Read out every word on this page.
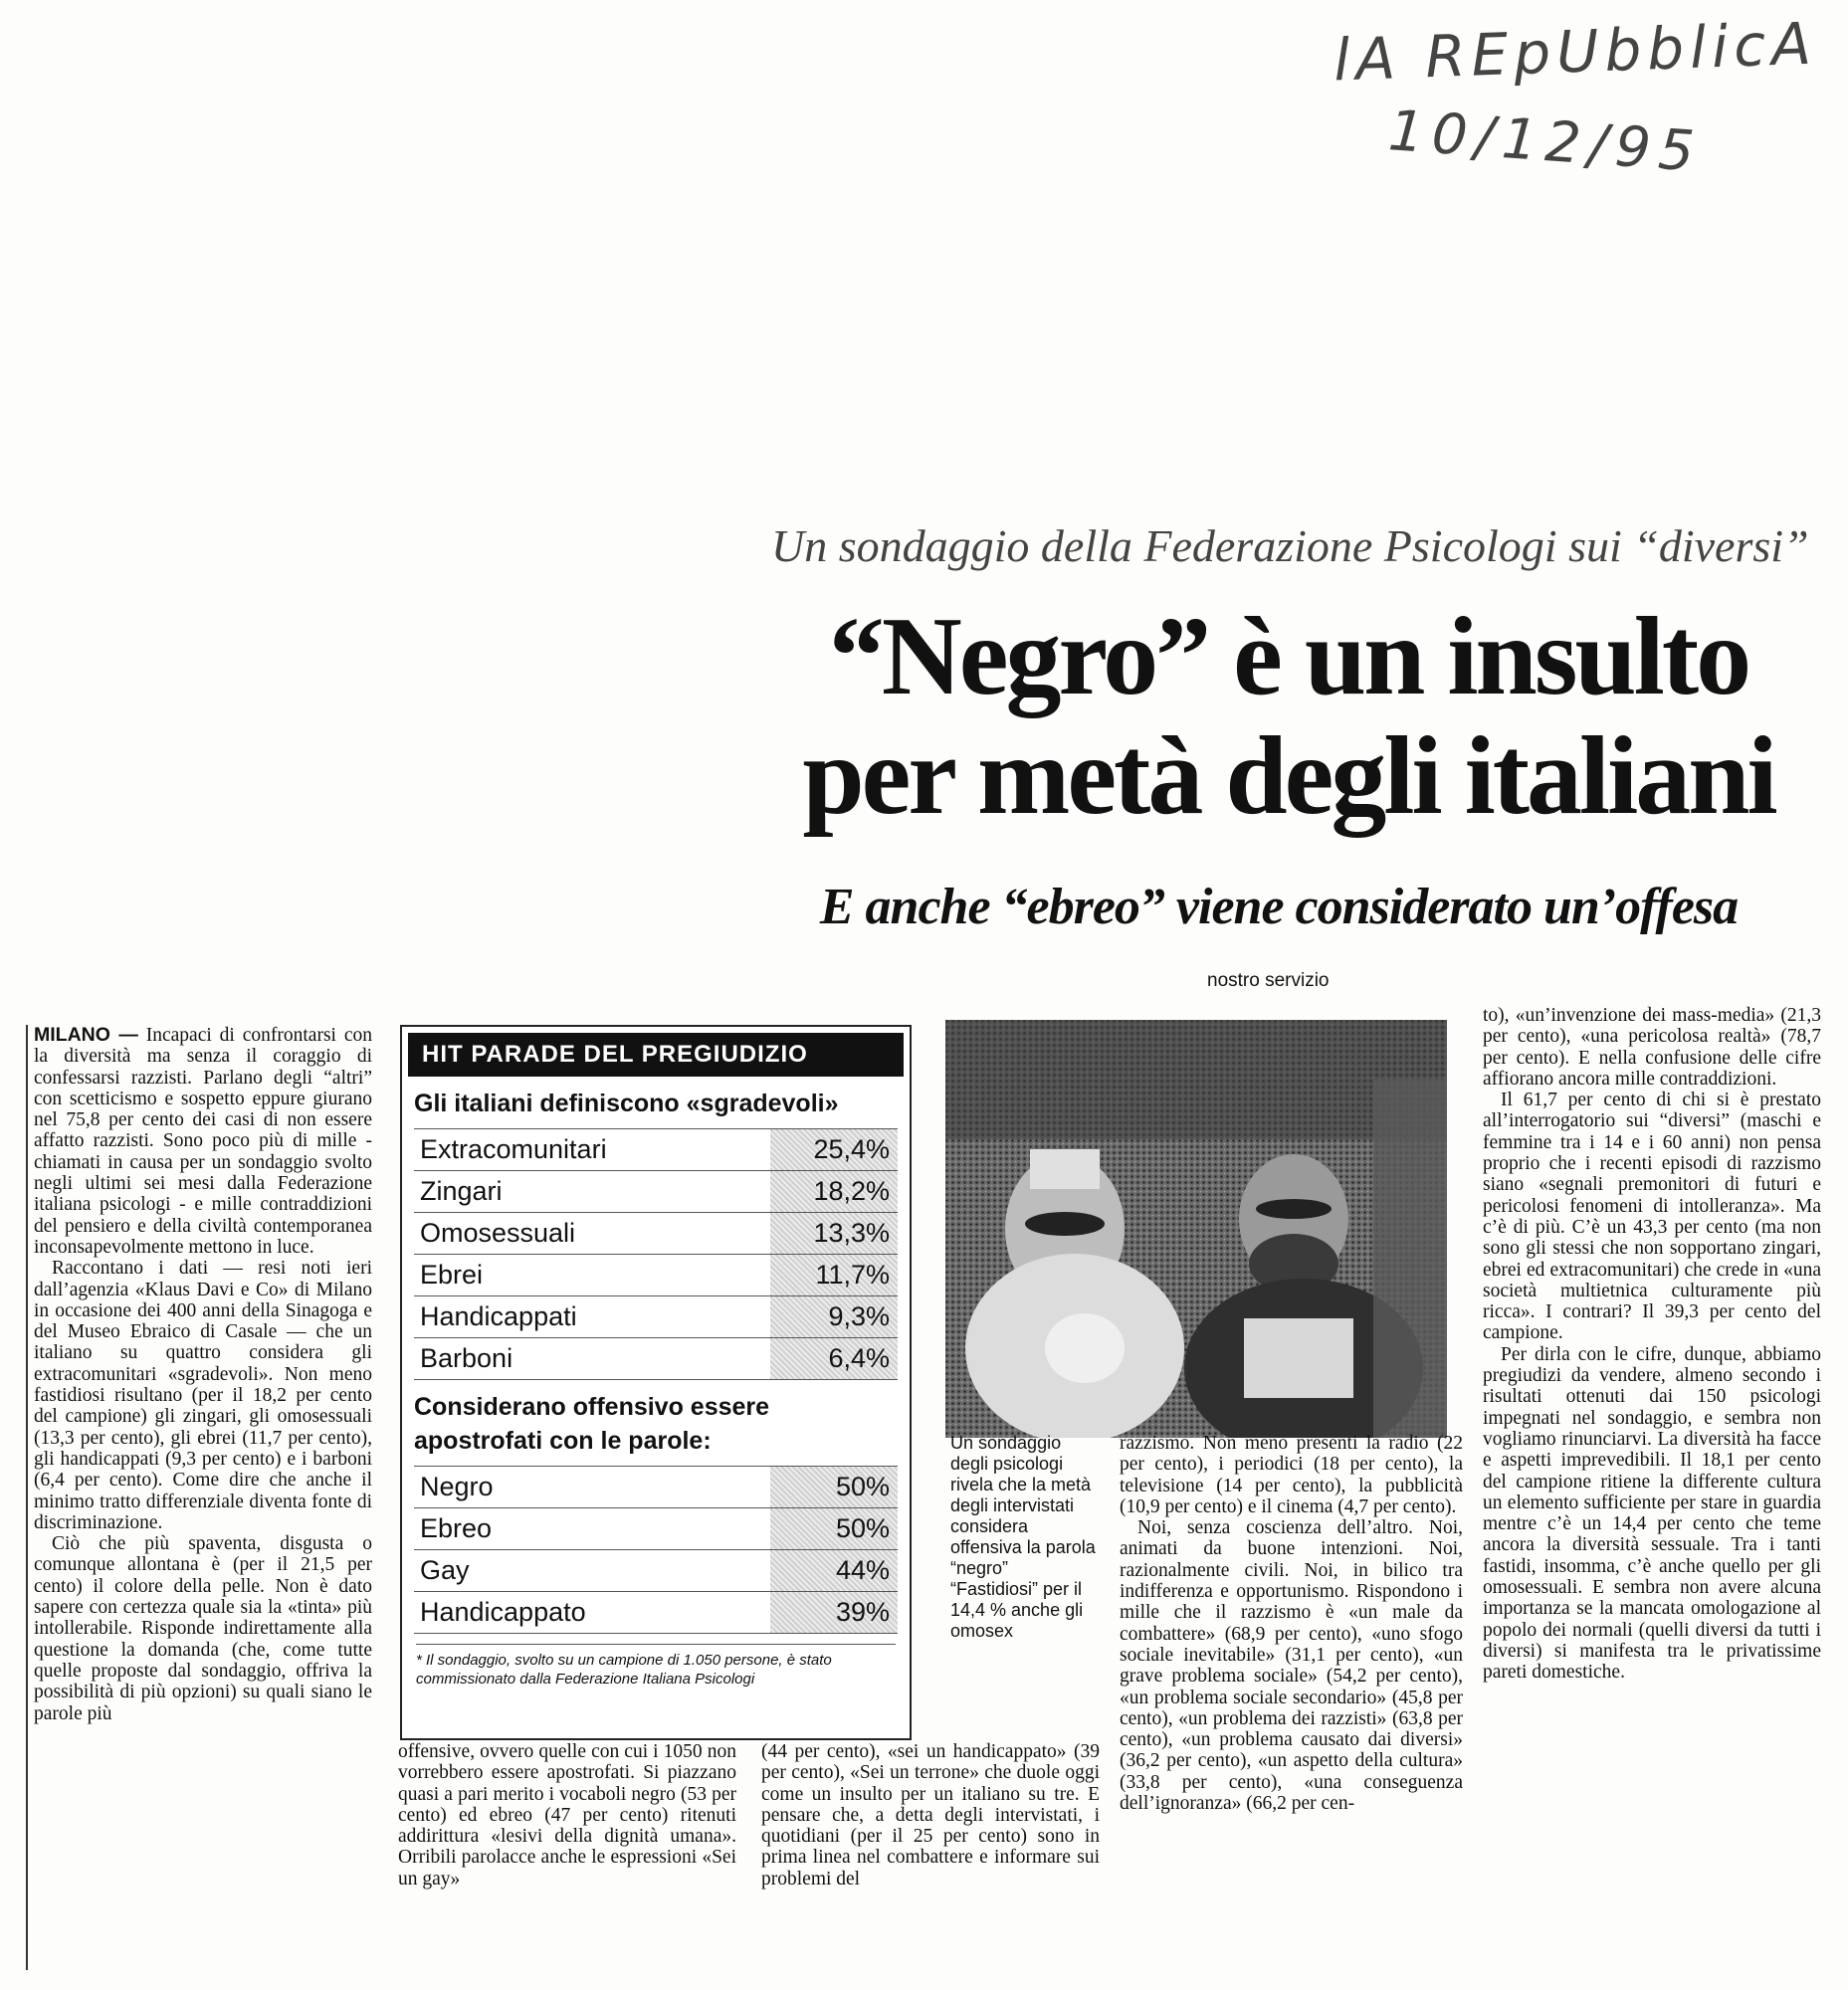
lA REpUbblicA
10/12/95
Un sondaggio della Federazione Psicologi sui “diversi”
“Negro” è un insulto
per metà degli italiani
E anche “ebreo” viene considerato un’offesa
nostro servizio

MILANO — Incapaci di confrontarsi con la diversità ma senza il coraggio di confessarsi razzisti. Parlano degli “altri” con scetticismo e sospetto eppure giurano nel 75,8 per cento dei casi di non essere affatto razzisti. Sono poco più di mille - chiamati in causa per un sondaggio svolto negli ultimi sei mesi dalla Federazione italiana psicologi - e mille contraddizioni del pensiero e della civiltà contemporanea inconsapevolmente mettono in luce.

Raccontano i dati — resi noti ieri dall’agenzia «Klaus Davi e Co» di Milano in occasione dei 400 anni della Sinagoga e del Museo Ebraico di Casale — che un italiano su quattro considera gli extracomunitari «sgradevoli». Non meno fastidiosi risultano (per il 18,2 per cento del campione) gli zingari, gli omosessuali (13,3 per cento), gli ebrei (11,7 per cento), gli handicappati (9,3 per cento) e i barboni (6,4 per cento). Come dire che anche il minimo tratto differenziale diventa fonte di discriminazione.

Ciò che più spaventa, disgusta o comunque allontana è (per il 21,5 per cento) il colore della pelle. Non è dato sapere con certezza quale sia la «tinta» più intollerabile. Risponde indirettamente alla questione la domanda (che, come tutte quelle proposte dal sondaggio, offriva la possibilità di più opzioni) su quali siano le parole più

HIT PARADE DEL PREGIUDIZIO
Gli italiani definiscono «sgradevoli»
Extracomunitari	25,4%
Zingari	18,2%
Omosessuali	13,3%
Ebrei	11,7%
Handicappati	9,3%
Barboni	6,4%
Considerano offensivo essere apostrofati con le parole:
Negro	50%
Ebreo	50%
Gay	44%
Handicappato	39%
* Il sondaggio, svolto su un campione di 1.050 persone, è stato commissionato dalla Federazione Italiana Psicologi
Un sondaggio degli psicologi rivela che la metà degli intervistati considera offensiva la parola “negro” “Fastidiosi” per il 14,4 % anche gli omosex

offensive, ovvero quelle con cui i 1050 non vorrebbero essere apostrofati. Si piazzano quasi a pari merito i vocaboli negro (53 per cento) ed ebreo (47 per cento) ritenuti addirittura «lesivi della dignità umana». Orribili parolacce anche le espressioni «Sei un gay»

(44 per cento), «sei un handicappato» (39 per cento), «Sei un terrone» che duole oggi come un insulto per un italiano su tre. E pensare che, a detta degli intervistati, i quotidiani (per il 25 per cento) sono in prima linea nel combattere e informare sui problemi del

razzismo. Non meno presenti la radio (22 per cento), i periodici (18 per cento), la televisione (14 per cento), la pubblicità (10,9 per cento) e il cinema (4,7 per cento).

Noi, senza coscienza dell’altro. Noi, animati da buone intenzioni. Noi, razionalmente civili. Noi, in bilico tra indifferenza e opportunismo. Rispondono i mille che il razzismo è «un male da combattere» (68,9 per cento), «uno sfogo sociale inevitabile» (31,1 per cento), «un grave problema sociale» (54,2 per cento), «un problema sociale secondario» (45,8 per cento), «un problema dei razzisti» (63,8 per cento), «un problema causato dai diversi» (36,2 per cento), «un aspetto della cultura» (33,8 per cento), «una conseguenza dell’ignoranza» (66,2 per cen-

to), «un’invenzione dei mass-media» (21,3 per cento), «una pericolosa realtà» (78,7 per cento). E nella confusione delle cifre affiorano ancora mille contraddizioni.

Il 61,7 per cento di chi si è prestato all’interrogatorio sui “diversi” (maschi e femmine tra i 14 e i 60 anni) non pensa proprio che i recenti episodi di razzismo siano «segnali premonitori di futuri e pericolosi fenomeni di intolleranza». Ma c’è di più. C’è un 43,3 per cento (ma non sono gli stessi che non sopportano zingari, ebrei ed extracomunitari) che crede in «una società multietnica culturamente più ricca». I contrari? Il 39,3 per cento del campione.

Per dirla con le cifre, dunque, abbiamo pregiudizi da vendere, almeno secondo i risultati ottenuti dai 150 psicologi impegnati nel sondaggio, e sembra non vogliamo rinunciarvi. La diversità ha facce e aspetti imprevedibili. Il 18,1 per cento del campione ritiene la differente cultura un elemento sufficiente per stare in guardia mentre c’è un 14,4 per cento che teme ancora la diversità sessuale. Tra i tanti fastidi, insomma, c’è anche quello per gli omosessuali. E sembra non avere alcuna importanza se la mancata omologazione al popolo dei normali (quelli diversi da tutti i diversi) si manifesta tra le privatissime pareti domestiche.
